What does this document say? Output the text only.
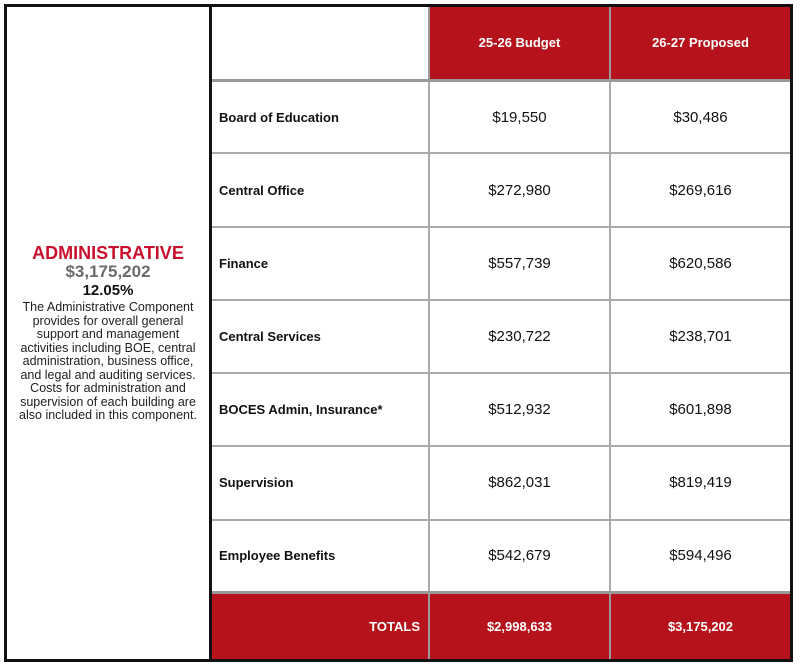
ADMINISTRATIVE
$3,175,202
12.05%
The Administrative Component provides for overall general support and management activities including BOE, central administration, business office, and legal and auditing services. Costs for administration and supervision of each building are also included in this component.
	25-26 Budget	26-27 Proposed
Board of Education	$19,550	$30,486
Central Office	$272,980	$269,616
Finance	$557,739	$620,586
Central Services	$230,722	$238,701
BOCES Admin, Insurance*	$512,932	$601,898
Supervision	$862,031	$819,419
Employee Benefits	$542,679	$594,496
TOTALS	$2,998,633	$3,175,202
